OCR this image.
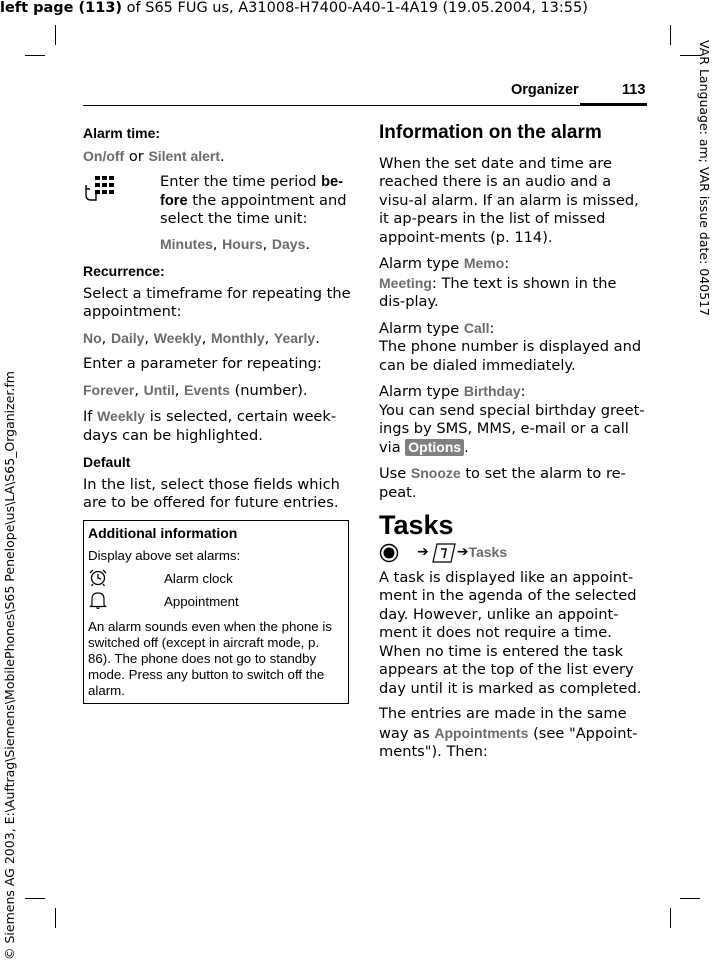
left page (113) of S65 FUG us, A31008-H7400-A40-1-4A19 (19.05.2004, 13:55)
VAR Language: am; VAR issue date: 040517
© Siemens AG 2003, E:\Auftrag\Siemens\MobilePhones\S65 Penelope\us\LA\S65_Organizer.fm
Organizer	113
Alarm time:

On/off or Silent alert.

Enter the time period be-fore the appointment and select the time unit:

Minutes, Hours, Days.

Recurrence:

Select a timeframe for repeating the appointment:

No, Daily, Weekly, Monthly, Yearly.

Enter a parameter for repeating:

Forever, Until, Events (number).

If Weekly is selected, certain week-days can be highlighted.

Default

In the list, select those fields which are to be offered for future entries.

Additional information
Display above set alarms:
Alarm clock
Appointment
An alarm sounds even when the phone is switched off (except in aircraft mode, p. 86). The phone does not go to standby mode. Press any button to switch off the alarm.
Information on the alarm

When the set date and time are reached there is an audio and a visu-al alarm. If an alarm is missed, it ap-pears in the list of missed appoint-ments (p. 114).

Alarm type Memo:
Meeting: The text is shown in the dis-play.

Alarm type Call:
The phone number is displayed and can be dialed immediately.

Alarm type Birthday:
You can send special birthday greet-ings by SMS, MMS, e-mail or a call via Options .

Use Snooze to set the alarm to re-peat.

Tasks
➔ ➔ Tasks

A task is displayed like an appoint-ment in the agenda of the selected day. However, unlike an appoint-ment it does not require a time. When no time is entered the task appears at the top of the list every day until it is marked as completed.

The entries are made in the same way as Appointments (see "Appoint-ments"). Then:
